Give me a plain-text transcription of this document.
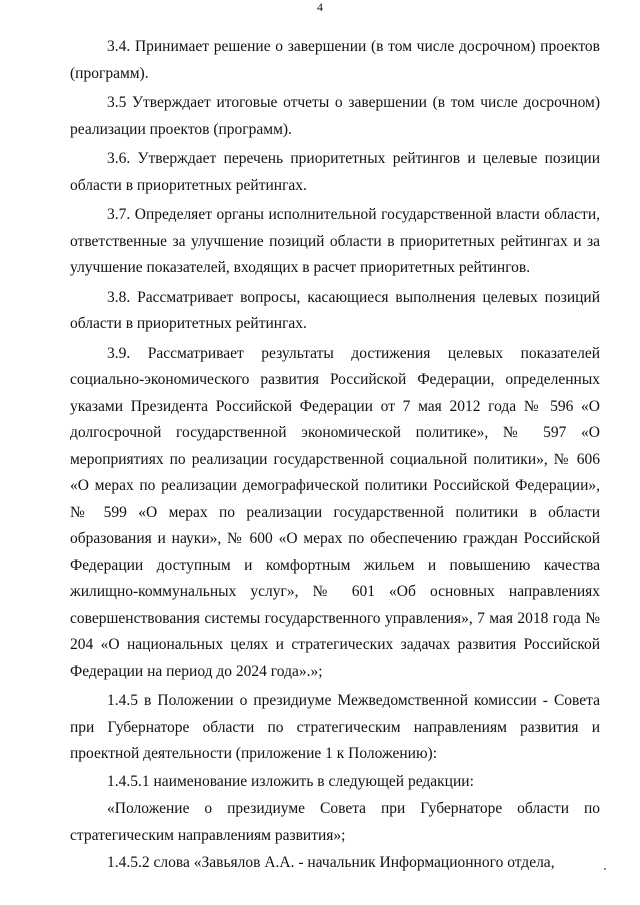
4

3.4. Принимает решение о завершении (в том числе досрочном) проектов (программ).

3.5 Утверждает итоговые отчеты о завершении (в том числе досрочном) реализации проектов (программ).

3.6. Утверждает перечень приоритетных рейтингов и целевые позиции области в приоритетных рейтингах.

3.7. Определяет органы исполнительной государственной власти области, ответственные за улучшение позиций области в приоритетных рейтингах и за улучшение показателей, входящих в расчет приоритетных рейтингов.

3.8. Рассматривает вопросы, касающиеся выполнения целевых позиций области в приоритетных рейтингах.

3.9. Рассматривает результаты достижения целевых показателей социально-экономического развития Российской Федерации, определенных указами Президента Российской Федерации от 7 мая 2012 года № 596 «О долгосрочной государственной экономической политике», № 597 «О мероприятиях по реализации государственной социальной политики», № 606 «О мерах по реализации демографической политики Российской Федерации», № 599 «О мерах по реализации государственной политики в области образования и науки», № 600 «О мерах по обеспечению граждан Российской Федерации доступным и комфортным жильем и повышению качества жилищно-коммунальных услуг», № 601 «Об основных направлениях совершенствования системы государственного управления», 7 мая 2018 года № 204 «О национальных целях и стратегических задачах развития Российской Федерации на период до 2024 года».»;

1.4.5 в Положении о президиуме Межведомственной комиссии - Совета при Губернаторе области по стратегическим направлениям развития и проектной деятельности (приложение 1 к Положению):

1.4.5.1 наименование изложить в следующей редакции:

«Положение о президиуме Совета при Губернаторе области по стратегическим направлениям развития»;

1.4.5.2 слова «Завьялов А.А. - начальник Информационного отдела,
